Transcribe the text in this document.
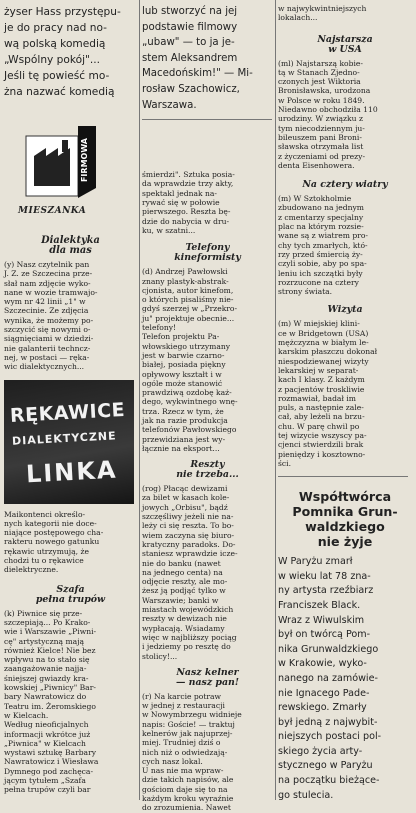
żyser Hass przystępu-
je do pracy nad no-
wą polską komedią
„Wspólny pokój"...
Jeśli tę powieść mo-
żna nazwać komedią

FIRMOWA
MIESZANKA

Dialektyka
dla mas

(y) Nasz czytelnik pan
J. Z. ze Szczecina prze-
słał nam zdjęcie wyko-
nane w wozie tramwajo-
wym nr 42 linii „1" w
Szczecinie. Ze zdjęcia
wynika, że możemy po-
szczycić się nowymi o-
siągnięciami w dziedzi-
nie galanterii techncz-
nej, w postaci — ręka-
wic dialektycznych...

RĘKAWICE
DIALEKTYCZNE
LINKA

Maikontenci określo-
nych kategorii nie doce-
niające postępowego cha-
rakteru nowego gatunku
rękawic utrzymują, że
chodzi tu o rękawice
dielektryczne.

Szafa
pełna trupów

(k) Piwnice się prze-
szczepiają... Po Krako-
wie i Warszawie „Piwni-
cę" artystyczną mają
również Kielce! Nie bez
wpływu na to stało się
zaangażowanie najja-
śniejszej gwiazdy kra-
kowskiej „Piwnicy" Bar-
bary Nawratowicz do
Teatru im. Żeromskiego
w Kielcach.
Według nieoficjalnych
informacji wkrótce już
„Piwnica" w Kielcach
wystawi sztukę Barbary
Nawratowicz i Wiesława
Dymnego pod zachęca-
jącym tytułem „Szafa
pełna trupów czyli bar

lub stworzyć na jej
podstawie filmowy
„ubaw" — to ja je-
stem Aleksandrem
Macedońskim!" — Mi-
rosław Szachowicz,
Warszawa.

śmierdzi". Sztuka posia-
da wprawdzie trzy akty,
spektakl jednak na-
rywać się w połowie
pierwszego. Reszta bę-
dzie do nabycia w dru-
ku, w szatni...

Telefony
kineformisty

(d) Andrzej Pawłowski
znany plastyk-abstrak-
cjonista, autor kinefom,
o których pisaliśmy nie-
gdyś szerzej w „Przekro-
ju" projektuje obecnie...
telefony!
Telefon projektu Pa-
włowskiego utrzymany
jest w barwie czarno-
białej, posiada piękny
opływowy kształt i w
ogóle może stanowić
prawdziwą ozdobę każ-
dego, wykwintnego wnę-
trza. Rzecz w tym, że
jak na razie produkcja
telefonów Pawłowskiego
przewidziana jest wy-
łącznie na eksport...

Reszty
nie trzeba...

(rog) Płacąc dewizami
za bilet w kasach kole-
jowych „Orbisu", bądź
szczęśliwy jeżeli nie na-
leży ci się reszta. To bo-
wiem zaczyna się biuro-
kratyczny paradoks. Do-
staniesz wprawdzie icze-
nie do banku (nawet
na jednego centa) na
odjęcie reszty, ale mo-
żesz ją podjąć tylko w
Warszawie; banki w
miastach wojewódzkich
reszty w dewizach nie
wypłacają. Wsiadamy
więc w najbliższy pociąg
i jedziemy po resztę do
stolicy!...

Nasz kelner
— nasz pan!

(r) Na karcie potraw
w jednej z restauracji
w Nowymbrzegu widnieje
napis: Goście! — traktuj
kelnerów jak najuprzej-
miej. Trudniej dziś o
nich niż o odwiedzają-
cych nasz lokal.
U nas nie ma wpraw-
dzie takich napisów, ale
gościom daje się to na
każdym kroku wyraźnie
do zrozumienia. Nawet

w najwykwintniejszych
lokalach...

Najstarsza
w USA

(ml) Najstarszą kobie-
tą w Stanach Zjedno-
czonych jest Wiktoria
Bronisławska, urodzona
w Polsce w roku 1849.
Niedawno obchodziła 110
urodziny. W związku z
tym niecodziennym ju-
bileuszem pani Broni-
sławska otrzymała list
z życzeniami od prezy-
denta Eisenhowera.

Na cztery wiatry

(m) W Sztokholmie
zbudowano na jednym
z cmentarzy specjalny
plac na którym rozsie-
wane są z wiatrem pro-
chy tych zmarłych, któ-
rzy przed śmiercią ży-
czyli sobie, aby po spa-
leniu ich szczątki były
rozrzucone na cztery
strony świata.

Wizyta

(m) W miejskiej klini-
ce w Bridgetown (USA)
mężczyzna w białym le-
karskim płaszczu dokonał
niespodziewanej wizyty
lekarskiej w separat-
kach I klasy. Z każdym
z pacjentów troskliwie
rozmawiał, badał im
puls, a następnie zale-
cał, aby leżeli na brzu-
chu. W parę chwil po
tej wizycie wszyscy pa-
cjenci stwierdzili brak
pieniędzy i kosztowno-
ści.

Współtwórca
Pomnika Grun-
waldzkiego
nie żyje

W Paryżu zmarł
w wieku lat 78 zna-
ny artysta rzeźbiarz
Franciszek Black.
Wraz z Wiwulskim
był on twórcą Pom-
nika Grunwaldzkiego
w Krakowie, wyko-
nanego na zamówie-
nie Ignacego Pade-
rewskiego. Zmarły
był jedną z najwybit-
niejszych postaci pol-
skiego życia arty-
stycznego w Paryżu
na początku bieżące-
go stulecia.
